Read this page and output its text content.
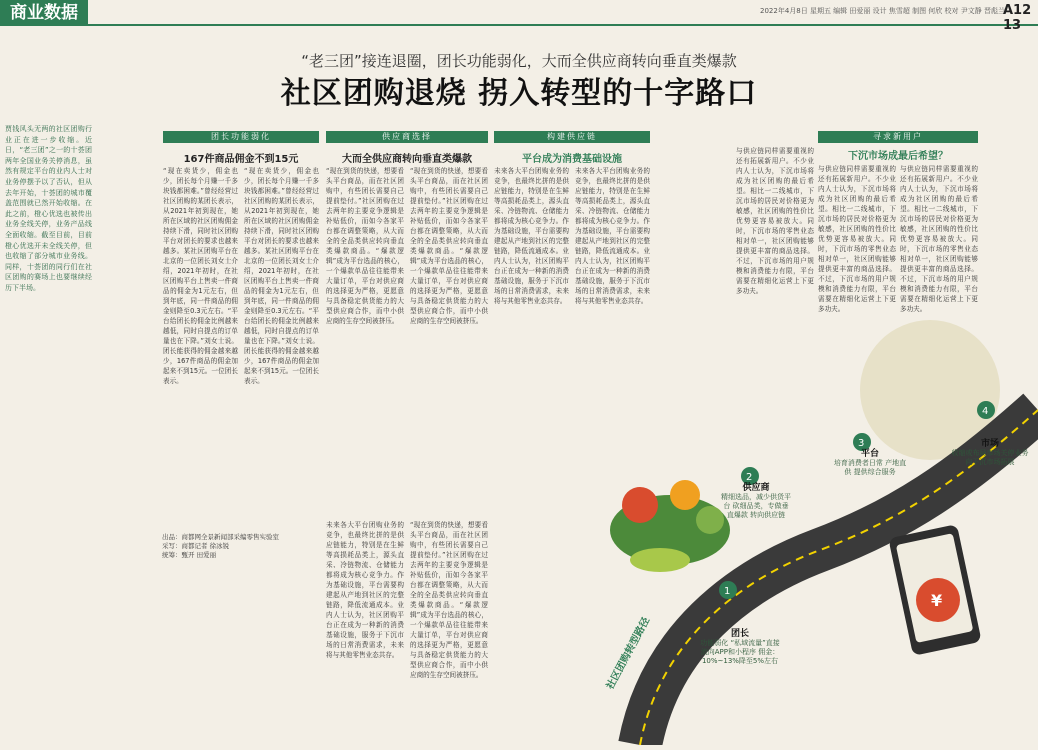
商业数据	2022年4月8日 星期五 编辑 田爱丽 设计 焦雪超 制图 何欣 校对 尹文静 晋彪兰
A12 13
“老三团”接连退圈，团长功能弱化，大而全供应商转向垂直类爆款
社区团购退烧 拐入转型的十字路口
贾钱风头无两的社区团购行业正在进一步收缩。近日，“老三团”之一的十荟团两年全国业务关停消息，虽然有规定平台的业内人士对业务停摆予以了否认，但从去年开始，十荟团的城市覆盖范围就已然开始收缩。在此之前，橙心优选也被传出业务全线关停，业务产品线全面收缩。截至目前，目前橙心优选开未全线关停，但也收缩了部分城市业务线。同样，十荟团的同行们在社区团购的赛场上也要继续经历下半场。
团长功能弱化
167件商品佣金不到15元
“现在卖货少，佣金也少，团长每个月赚一千多块钱都困难。”曾经经营过社区团购的某团长表示，从2021年初到现在，她所在区域的社区团购佣金持续下滑，同时社区团购平台对团长的要求也越来越多。某社区团购平台在北京的一位团长刘女士介绍，2021年初时，在社区团购平台上售卖一件商品的佣金为1元左右，但到年底，同一件商品的佣金则降至0.3元左右。“平台给团长的佣金比例越来越低，同时自提点的订单量也在下降。”刘女士说。团长能获得的佣金越来越少，167件商品的佣金加起来不到15元。一位团长表示。
“现在卖货少，佣金也少，团长每个月赚一千多块钱都困难。”曾经经营过社区团购的某团长表示，从2021年初到现在，她所在区域的社区团购佣金持续下滑，同时社区团购平台对团长的要求也越来越多。某社区团购平台在北京的一位团长刘女士介绍，2021年初时，在社区团购平台上售卖一件商品的佣金为1元左右，但到年底，同一件商品的佣金则降至0.3元左右。“平台给团长的佣金比例越来越低，同时自提点的订单量也在下降。”刘女士说。团长能获得的佣金越来越少，167件商品的佣金加起来不到15元。一位团长表示。
供应商选择
大而全供应商转向垂直类爆款
“现在到货的快递，想要看头平台商品，而在社区团购中，有些团长需要自己提前垫付。”社区团购在过去两年的主要竞争逻辑是补贴低价，而如今各家平台都在调整策略，从大而全的全品类供应转向垂直类爆款商品。“爆款逻辑”成为平台选品的核心，一个爆款单品往往能带来大量订单，平台对供应商的选择更为严格，更愿意与具备稳定供货能力的大型供应商合作，而中小供应商的生存空间被挤压。
“现在到货的快递，想要看头平台商品，而在社区团购中，有些团长需要自己提前垫付。”社区团购在过去两年的主要竞争逻辑是补贴低价，而如今各家平台都在调整策略，从大而全的全品类供应转向垂直类爆款商品。“爆款逻辑”成为平台选品的核心，一个爆款单品往往能带来大量订单，平台对供应商的选择更为严格，更愿意与具备稳定供货能力的大型供应商合作，而中小供应商的生存空间被挤压。
“现在到货的快递，想要看头平台商品，而在社区团购中，有些团长需要自己提前垫付。”社区团购在过去两年的主要竞争逻辑是补贴低价，而如今各家平台都在调整策略，从大而全的全品类供应转向垂直类爆款商品。“爆款逻辑”成为平台选品的核心，一个爆款单品往往能带来大量订单，平台对供应商的选择更为严格，更愿意与具备稳定供货能力的大型供应商合作，而中小供应商的生存空间被挤压。
未来各大平台团购业务的竞争，也最终比拼的是供应链能力，特别是在生鲜等高损耗品类上，源头直采、冷链物流、仓储能力都将成为核心竞争力。作为基础设施，平台需要构建起从产地到社区的完整链路，降低流通成本。业内人士认为，社区团购平台正在成为一种新的消费基础设施，服务于下沉市场的日常消费需求，未来将与其他零售业态共存。
构建供应链
平台成为消费基础设施
未来各大平台团购业务的竞争，也最终比拼的是供应链能力，特别是在生鲜等高损耗品类上，源头直采、冷链物流、仓储能力都将成为核心竞争力。作为基础设施，平台需要构建起从产地到社区的完整链路，降低流通成本。业内人士认为，社区团购平台正在成为一种新的消费基础设施，服务于下沉市场的日常消费需求，未来将与其他零售业态共存。
未来各大平台团购业务的竞争，也最终比拼的是供应链能力，特别是在生鲜等高损耗品类上，源头直采、冷链物流、仓储能力都将成为核心竞争力。作为基础设施，平台需要构建起从产地到社区的完整链路，降低流通成本。业内人士认为，社区团购平台正在成为一种新的消费基础设施，服务于下沉市场的日常消费需求，未来将与其他零售业态共存。
寻求新用户
与供应链同样需要重视的还有拓展新用户。不少业内人士认为，下沉市场将成为社区团购的最后希望。相比一二线城市，下沉市场的居民对价格更为敏感，社区团购的性价比优势更容易被放大。同时，下沉市场的零售业态相对单一，社区团购能够提供更丰富的商品选择。不过，下沉市场的用户规模和消费能力有限，平台需要在精细化运营上下更多功夫。
与供应链同样需要重视的还有拓展新用户。不少业内人士认为，下沉市场将成为社区团购的最后希望。相比一二线城市，下沉市场的居民对价格更为敏感，社区团购的性价比优势更容易被放大。同时，下沉市场的零售业态相对单一，社区团购能够提供更丰富的商品选择。不过，下沉市场的用户规模和消费能力有限，平台需要在精细化运营上下更多功夫。
与供应链同样需要重视的还有拓展新用户。不少业内人士认为，下沉市场将成为社区团购的最后希望。相比一二线城市，下沉市场的居民对价格更为敏感，社区团购的性价比优势更容易被放大。同时，下沉市场的零售业态相对单一，社区团购能够提供更丰富的商品选择。不过，下沉市场的用户规模和消费能力有限，平台需要在精细化运营上下更多功夫。
下沉市场成最后希望？
出品：商都网全景新闻部采编零售实验室
采写：商都记者 徐冰锐
统筹：甄开 田爱丽
社区团购转型路径
¥
1
2
3
4
团长
功能弱化 “私域流量”直接流向APP和小程序 佣金：10%~13%降至5%左右
供应商
精细选品，减少供货平台 砍细品类，专做垂直爆款 转向供应链
平台
培育消费者日常 产地直供 提供综合服务
市场
收缩或布局市场关停业务 向下沉市场拓展
